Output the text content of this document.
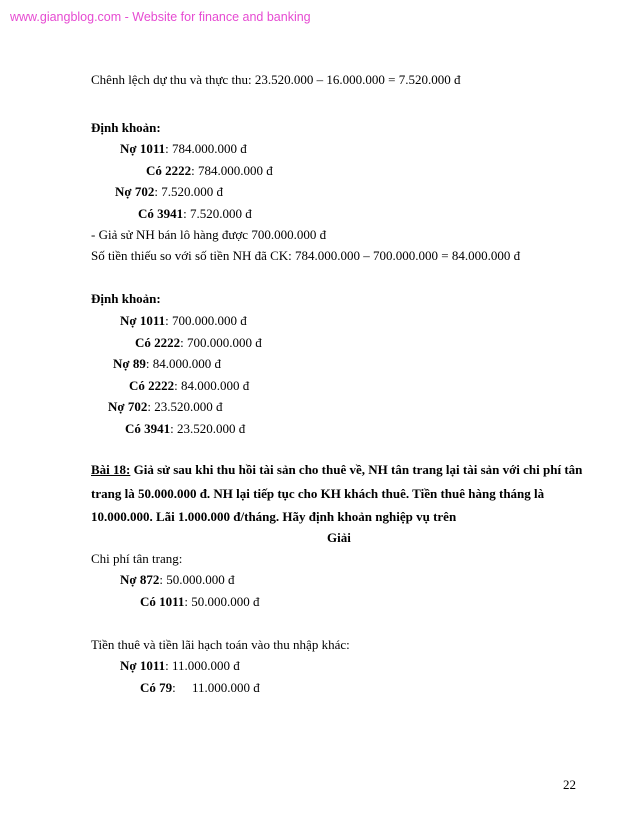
www.giangblog.com - Website for finance and banking
Chênh lệch dự thu và thực thu: 23.520.000 – 16.000.000 = 7.520.000 đ
Định khoản:
Nợ 1011: 784.000.000 đ
Có 2222: 784.000.000 đ
Nợ 702: 7.520.000 đ
Có 3941: 7.520.000 đ
- Giả sử NH bán lô hàng được 700.000.000 đ
Số tiền thiếu so với số tiền NH đã CK: 784.000.000 – 700.000.000 = 84.000.000 đ
Định khoản:
Nợ 1011: 700.000.000 đ
Có 2222: 700.000.000 đ
Nợ 89: 84.000.000 đ
Có 2222: 84.000.000 đ
Nợ 702: 23.520.000 đ
Có 3941: 23.520.000 đ
Bài 18: Giả sử sau khi thu hồi tài sản cho thuê về, NH tân trang lại tài sản với chi phí tân
trang là 50.000.000 đ. NH lại tiếp tục cho KH khách thuê. Tiền thuê hàng tháng là
10.000.000. Lãi 1.000.000 đ/tháng. Hãy định khoản nghiệp vụ trên
Giải
Chi phí tân trang:
Nợ 872: 50.000.000 đ
Có 1011: 50.000.000 đ
Tiền thuê và tiền lãi hạch toán vào thu nhập khác:
Nợ 1011: 11.000.000 đ
Có 79:     11.000.000 đ
22
